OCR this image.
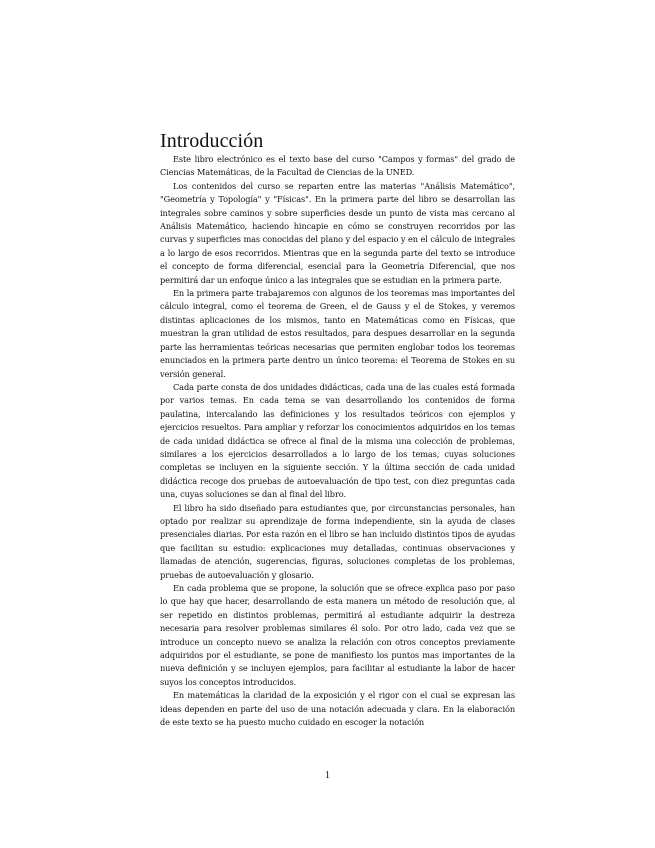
Introducción

Este libro electrónico es el texto base del curso "Campos y formas" del grado de Ciencias Matemáticas, de la Facultad de Ciencias de la UNED.

Los contenidos del curso se reparten entre las materias "Análisis Matemático", "Geometría y Topología" y "Físicas". En la primera parte del libro se desarrollan las integrales sobre caminos y sobre superficies desde un punto de vista mas cercano al Análisis Matemático, haciendo hincapie en cómo se construyen recorridos por las curvas y superficies mas conocidas del plano y del espacio y en el cálculo de integrales a lo largo de esos recorridos. Mientras que en la segunda parte del texto se introduce el concepto de forma diferencial, esencial para la Geometría Diferencial, que nos permitirá dar un enfoque único a las integrales que se estudian en la primera parte.

En la primera parte trabajaremos con algunos de los teoremas mas importantes del cálculo integral, como el teorema de Green, el de Gauss y el de Stokes, y veremos distintas aplicaciones de los mismos, tanto en Matemáticas como en Físicas, que muestran la gran utilidad de estos resultados, para despues desarrollar en la segunda parte las herramientas teóricas necesarias que permiten englobar todos los teoremas enunciados en la primera parte dentro un único teorema: el Teorema de Stokes en su versión general.

Cada parte consta de dos unidades didácticas, cada una de las cuales está formada por varios temas. En cada tema se van desarrollando los contenidos de forma paulatina, intercalando las definiciones y los resultados teóricos con ejemplos y ejercicios resueltos. Para ampliar y reforzar los conocimientos adquiridos en los temas de cada unidad didáctica se ofrece al final de la misma una colección de problemas, similares a los ejercicios desarrollados a lo largo de los temas, cuyas soluciones completas se incluyen en la siguiente sección. Y la última sección de cada unidad didáctica recoge dos pruebas de autoevaluación de tipo test, con diez preguntas cada una, cuyas soluciones se dan al final del libro.

El libro ha sido diseñado para estudiantes que, por circunstancias personales, han optado por realizar su aprendizaje de forma independiente, sin la ayuda de clases presenciales diarias. Por esta razón en el libro se han incluido distintos tipos de ayudas que facilitan su estudio: explicaciones muy detalladas, continuas observaciones y llamadas de atención, sugerencias, figuras, soluciones completas de los problemas, pruebas de autoevaluación y glosario.

En cada problema que se propone, la solución que se ofrece explica paso por paso lo que hay que hacer, desarrollando de esta manera un método de resolución que, al ser repetido en distintos problemas, permitirá al estudiante adquirir la destreza necesaria para resolver problemas similares él solo. Por otro lado, cada vez que se introduce un concepto nuevo se analiza la relación con otros conceptos previamente adquiridos por el estudiante, se pone de manifiesto los puntos mas importantes de la nueva definición y se incluyen ejemplos, para facilitar al estudiante la labor de hacer suyos los conceptos introducidos.

En matemáticas la claridad de la exposición y el rigor con el cual se expresan las ideas dependen en parte del uso de una notación adecuada y clara. En la elaboración de este texto se ha puesto mucho cuidado en escoger la notación

1
